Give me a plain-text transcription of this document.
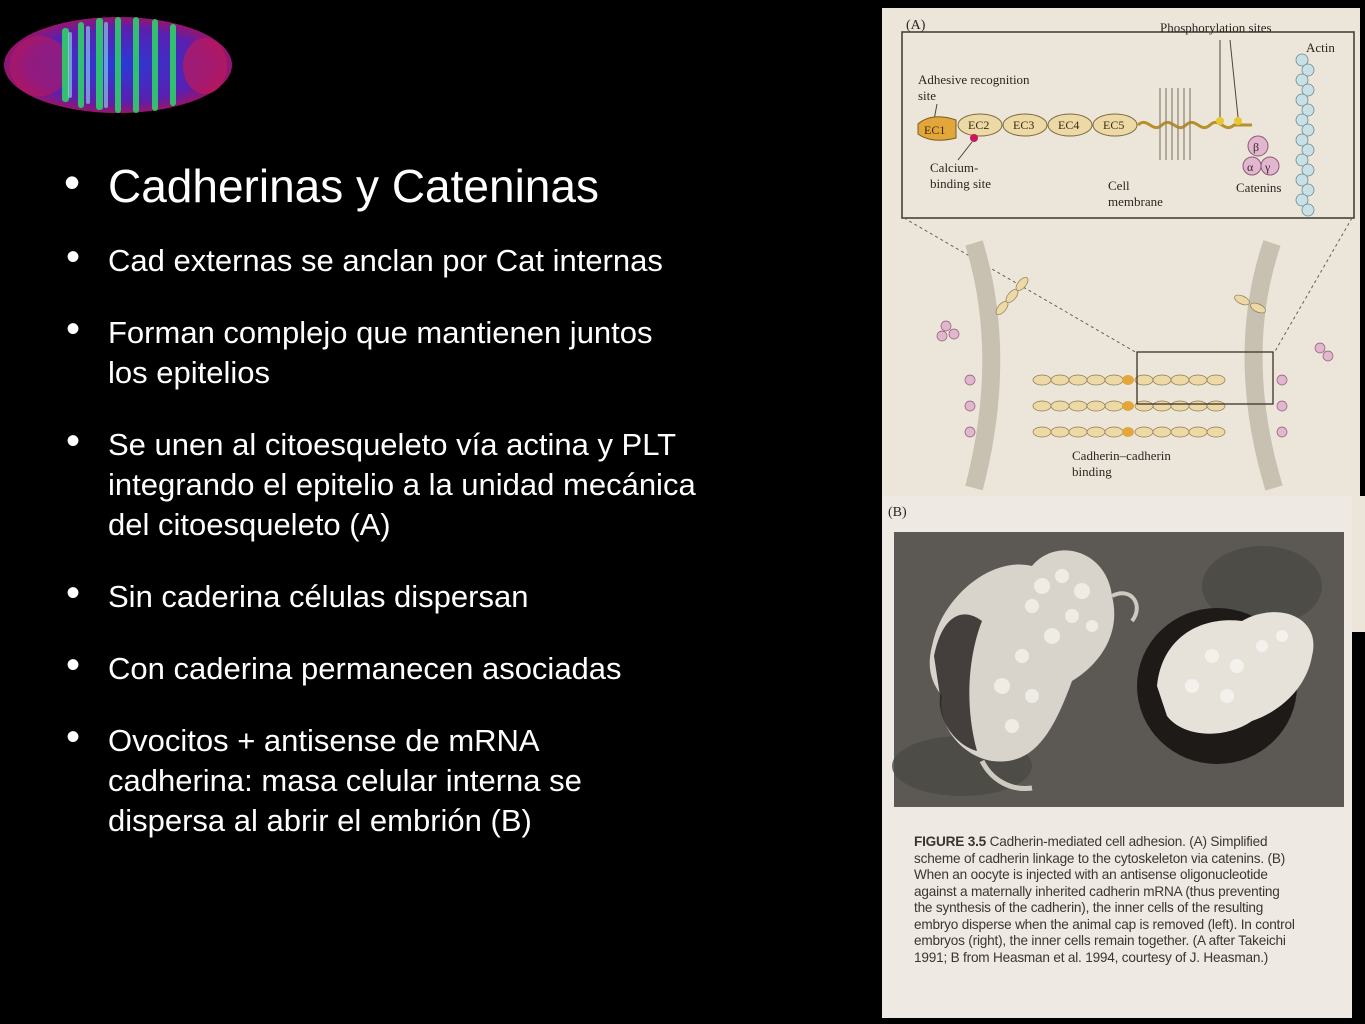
• Cadherinas y Cateninas
• Cad externas se anclan por Cat internas
• Forman complejo que mantienen juntos
los epitelios
• Se unen al citoesqueleto vía actina y PLT
integrando el epitelio a la unidad mecánica
del citoesqueleto (A)
• Sin caderina células dispersan
• Con caderina permanecen asociadas
• Ovocitos + antisense de mRNA
cadherina: masa celular interna se
dispersa al abrir el embrión (B)
(A)	Phosphorylation sites
Actin
Adhesive recognition
site
EC1 EC2 EC3 EC4 EC5
Calcium-
binding site	Cell
membrane
β
α γ
Catenins
Cadherin–cadherin
binding
(B)
FIGURE 3.5 Cadherin-mediated cell adhesion. (A) Simplified
scheme of cadherin linkage to the cytoskeleton via catenins. (B)
When an oocyte is injected with an antisense oligonucleotide
against a maternally inherited cadherin mRNA (thus preventing
the synthesis of the cadherin), the inner cells of the resulting
embryo disperse when the animal cap is removed (left). In control
embryos (right), the inner cells remain together. (A after Takeichi
1991; B from Heasman et al. 1994, courtesy of J. Heasman.)
